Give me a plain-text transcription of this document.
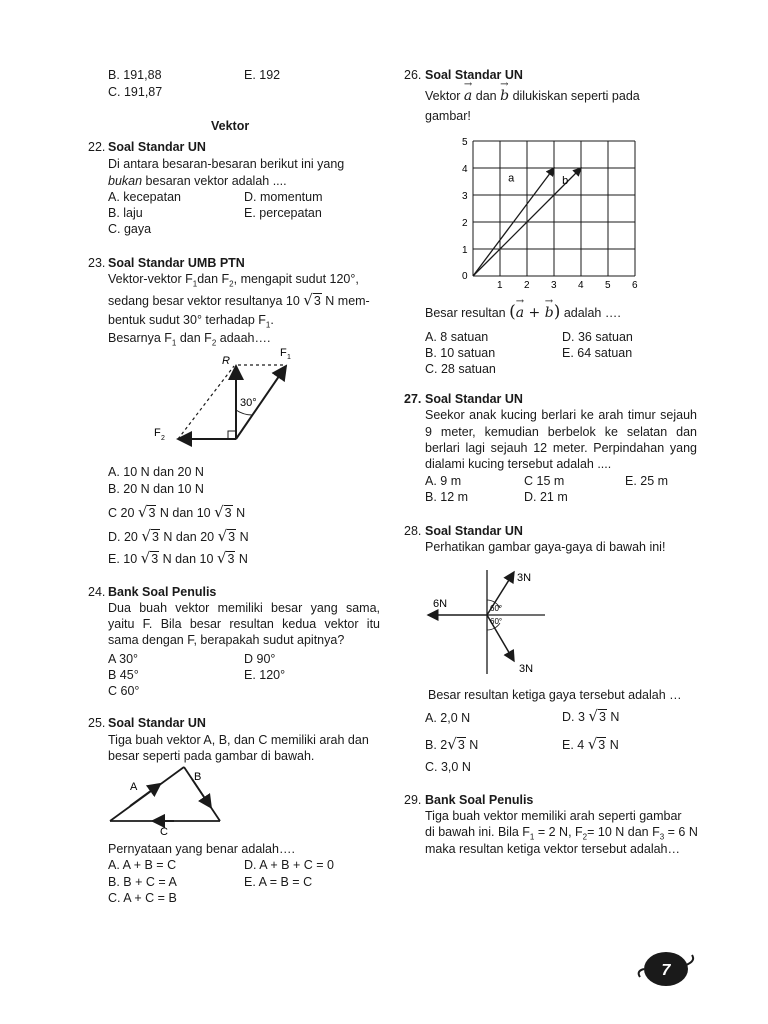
B. 191,88	E. 192
C. 191,87
Vektor
22. Soal Standar UN
Di antara besaran-besaran berikut ini yang
bukan besaran vektor adalah ....
A. kecepatan	D. momentum
B. laju	E. percepatan
C. gaya
23. Soal Standar UMB PTN
Vektor-vektor $F_1dan$ $F_2$, mengapit sudut 120°,
sedang besar vektor resultanya 10 √3 N mem-
bentuk sudut 30° terhadap $F_1$.
Besarnya $F_1$ dan $F_2$ adaah….
R
F 1
F 2
30°
A. 10 N dan 20 N
B. 20 N dan 10 N
C 20 √3 N dan 10 √3 N
D. 20 √3 N dan 20 √3 N
E. 10 √3 N dan 10 √3 N
24. Bank Soal Penulis
Dua buah vektor memiliki besar yang sama,
yaitu F. Bila besar resultan kedua vektor itu
sama dengan F, berapakah sudut apitnya?
A 30°	D 90°
B 45°	E. 120°
C 60°
25. Soal Standar UN
Tiga buah vektor A, B, dan C memiliki arah dan
besar seperti pada gambar di bawah.
A
B
C
Pernyataan yang benar adalah….
A. A + B = C	D. A + B + C = 0
B. B + C = A	E. A = B = C
C. A + C = B
26. Soal Standar UN
Vektor
→
a dan
→
b dilukiskan seperti pada
gambar!
0
1 2 3 4 5 6
1
2
3
4
5
a	b
Besar resultan (
→
a +
→
b) adalah ….
A. 8 satuan	D. 36 satuan
B. 10 satuan	E. 64 satuan
C. 28 satuan
27. Soal Standar UN
Seekor anak kucing berlari ke arah timur sejauh
9 meter, kemudian berbelok ke selatan dan
berlari lagi sejauh 12 meter. Perpindahan yang
dialami kucing tersebut adalah ....
A. 9 m	C 15 m	E. 25 m
B. 12 m	D. 21 m
28. Soal Standar UN
Perhatikan gambar gaya-gaya di bawah ini!
3N
6N
3N
60°
60°
Besar resultan ketiga gaya tersebut adalah …
A. 2,0 N	D. 3 √3 N
B. 2√3 N	E. 4 √3 N
C. 3,0 N
29. Bank Soal Penulis
Tiga buah vektor memiliki arah seperti gambar
di bawah ini. Bila $F_1 = 2$ N, $F_2= 10$ N dan $F_3 = 6$ N
maka resultan ketiga vektor tersebut adalah…
7
